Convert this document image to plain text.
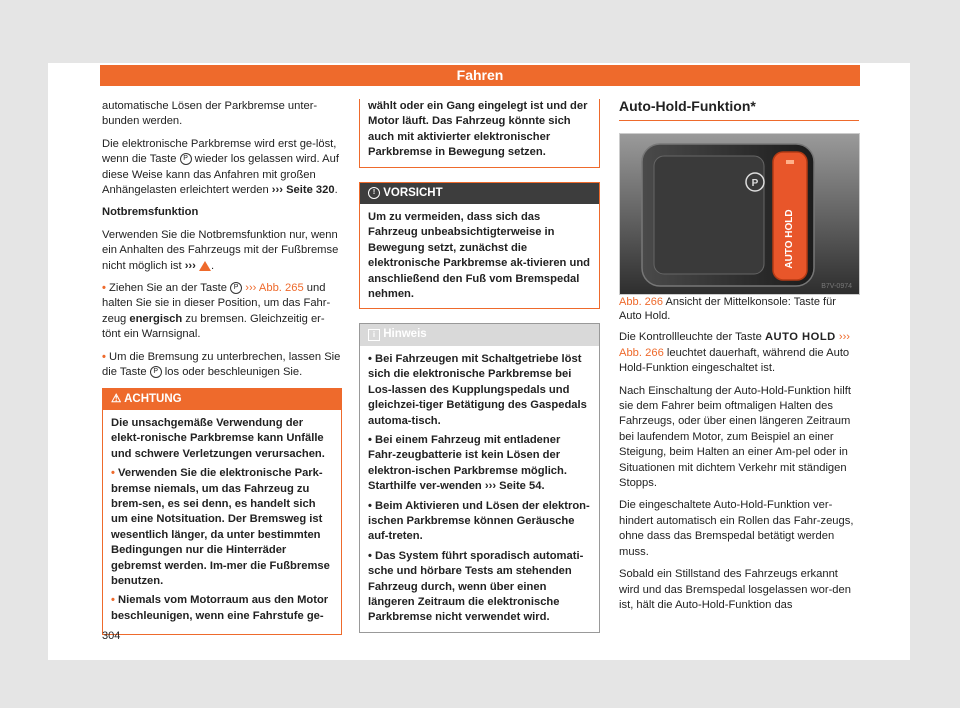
Fahren

automatische Lösen der Parkbremse unter-bunden werden.

Die elektronische Parkbremse wird erst ge-löst, wenn die Taste P wieder los gelassen wird. Auf diese Weise kann das Anfahren mit großen Anhängelasten erleichtert werden ››› Seite 320.

Notbremsfunktion

Verwenden Sie die Notbremsfunktion nur, wenn ein Anhalten des Fahrzeugs mit der Fußbremse nicht möglich ist ››› .

• Ziehen Sie an der Taste P ››› Abb. 265 und halten Sie sie in dieser Position, um das Fahr-zeug energisch zu bremsen. Gleichzeitig er-tönt ein Warnsignal.

• Um die Bremsung zu unterbrechen, lassen Sie die Taste P los oder beschleunigen Sie.

⚠ ACHTUNG

Die unsachgemäße Verwendung der elekt-ronische Parkbremse kann Unfälle und schwere Verletzungen verursachen.

• Verwenden Sie die elektronische Park-bremse niemals, um das Fahrzeug zu brem-sen, es sei denn, es handelt sich um eine Notsituation. Der Bremsweg ist wesentlich länger, da unter bestimmten Bedingungen nur die Hinterräder gebremst werden. Im-mer die Fußbremse benutzen.

• Niemals vom Motorraum aus den Motor beschleunigen, wenn eine Fahrstufe ge-

wählt oder ein Gang eingelegt ist und der Motor läuft. Das Fahrzeug könnte sich auch mit aktivierter elektronischer Parkbremse in Bewegung setzen.

! VORSICHT

Um zu vermeiden, dass sich das Fahrzeug unbeabsichtigterweise in Bewegung setzt, zunächst die elektronische Parkbremse ak-tivieren und anschließend den Fuß vom Bremspedal nehmen.

i Hinweis

• Bei Fahrzeugen mit Schaltgetriebe löst sich die elektronische Parkbremse bei Los-lassen des Kupplungspedals und gleichzei-tiger Betätigung des Gaspedals automa-tisch.

• Bei einem Fahrzeug mit entladener Fahr-zeugbatterie ist kein Lösen der elektron-ischen Parkbremse möglich. Starthilfe ver-wenden ››› Seite 54.

• Beim Aktivieren und Lösen der elektron-ischen Parkbremse können Geräusche auf-treten.

• Das System führt sporadisch automati-sche und hörbare Tests am stehenden Fahrzeug durch, wenn über einen längeren Zeitraum die elektronische Parkbremse nicht verwendet wird.

Auto-Hold-Funktion*
P
AUTO HOLD
B7V-0974

Abb. 266 Ansicht der Mittelkonsole: Taste für Auto Hold.

Die Kontrollleuchte der Taste AUTO HOLD ››› Abb. 266 leuchtet dauerhaft, während die Auto Hold-Funktion eingeschaltet ist.

Nach Einschaltung der Auto-Hold-Funktion hilft sie dem Fahrer beim oftmaligen Halten des Fahrzeugs, oder über einen längeren Zeitraum bei laufendem Motor, zum Beispiel an einer Steigung, beim Halten an einer Am-pel oder in Situationen mit dichtem Verkehr mit ständigen Stopps.

Die eingeschaltete Auto-Hold-Funktion ver-hindert automatisch ein Rollen das Fahr-zeugs, ohne dass das Bremspedal betätigt werden muss.

Sobald ein Stillstand des Fahrzeugs erkannt wird und das Bremspedal losgelassen wor-den ist, hält die Auto-Hold-Funktion das

304
